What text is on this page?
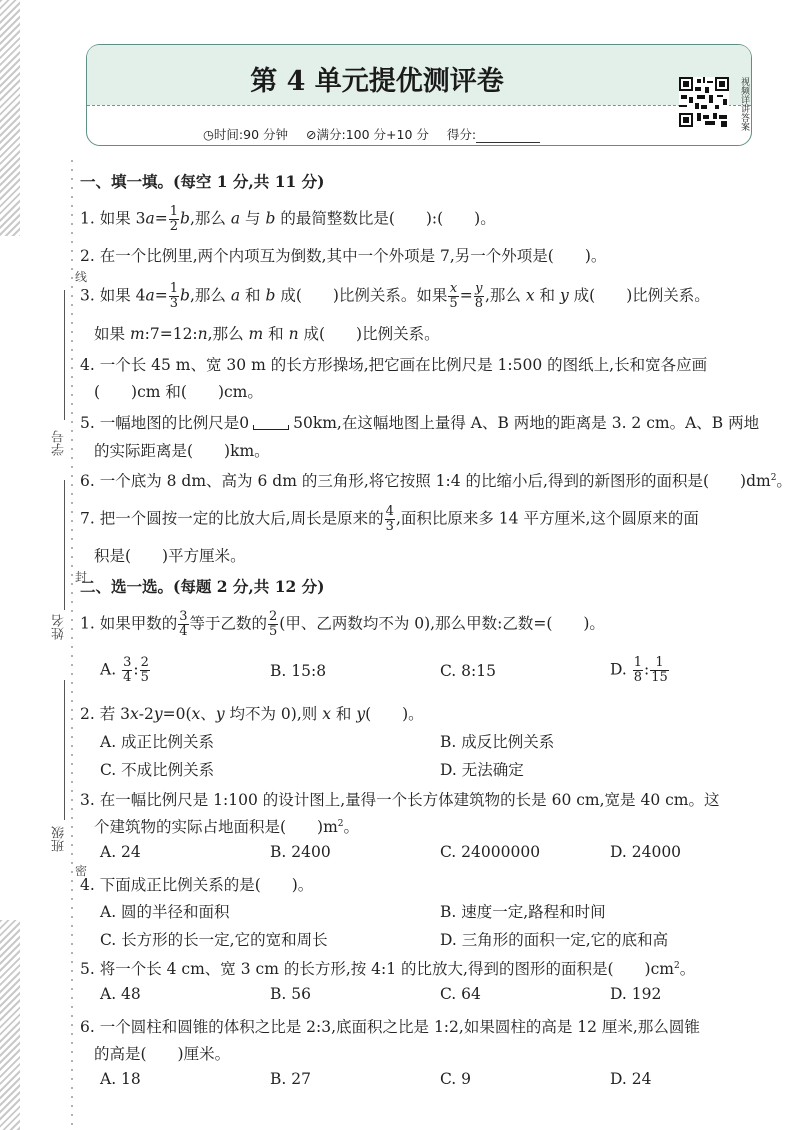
学号
姓名
班级
线
封
密
第 4 单元提优测评卷
◷时间:90 分钟 ⊘满分:100 分+10 分 得分:
视频详讲答案
一、填一填。(每空 1 分,共 11 分)
1. 如果 $3a= \frac{1}{2} b$,那么 a 与 b 的最简整数比是(　　):(　　)。
2. 在一个比例里,两个内项互为倒数,其中一个外项是 7,另一个外项是(　　)。
3. 如果 $4a= \frac{1}{3} b$,那么 a 和 b 成(　　)比例关系。如果 $\frac{x}{5} = \frac{y}{8}$ ,那么 x 和 y 成(　　)比例关系。
如果 m:7=12:n,那么 m 和 n 成(　　)比例关系。
4. 一个长 45 m、宽 30 m 的长方形操场,把它画在比例尺是 1:500 的图纸上,长和宽各应画
(　　)cm 和(　　)cm。
5. 一幅地图的比例尺是0	50km,在这幅地图上量得 A、B 两地的距离是 3. 2 cm。A、B 两地
的实际距离是(　　)km。
6. 一个底为 8 dm、高为 6 dm 的三角形,将它按照 1:4 的比缩小后,得到的新图形的面积是(　　)$dm^2$。
7. 把一个圆按一定的比放大后,周长是原来的 $\frac{4}{3}$ ,面积比原来多 14 平方厘米,这个圆原来的面
积是(　　)平方厘米。
二、选一选。(每题 2 分,共 12 分)
1. 如果甲数的 $\frac{3}{4}$ 等于乙数的 $\frac{2}{5}$ (甲、乙两数均不为 0),那么甲数:乙数=(　　)。
A. $\frac{3}{4}$ : $\frac{2}{5}$	B. 15:8	C. 8:15	D. $\frac{1}{8}$ : $\frac{1}{15}$
2. 若 3x-2y=0(x、y 均不为 0),则 x 和 y(　　)。
A. 成正比例关系	B. 成反比例关系
C. 不成比例关系	D. 无法确定
3. 在一幅比例尺是 1:100 的设计图上,量得一个长方体建筑物的长是 60 cm,宽是 40 cm。这
个建筑物的实际占地面积是(　　)$m^2$。
A. 24	B. 2400	C. 24000000	D. 24000
4. 下面成正比例关系的是(　　)。
A. 圆的半径和面积	B. 速度一定,路程和时间
C. 长方形的长一定,它的宽和周长	D. 三角形的面积一定,它的底和高
5. 将一个长 4 cm、宽 3 cm 的长方形,按 4:1 的比放大,得到的图形的面积是(　　)$cm^2$。
A. 48	B. 56	C. 64	D. 192
6. 一个圆柱和圆锥的体积之比是 2:3,底面积之比是 1:2,如果圆柱的高是 12 厘米,那么圆锥
的高是(　　)厘米。
A. 18	B. 27	C. 9	D. 24
